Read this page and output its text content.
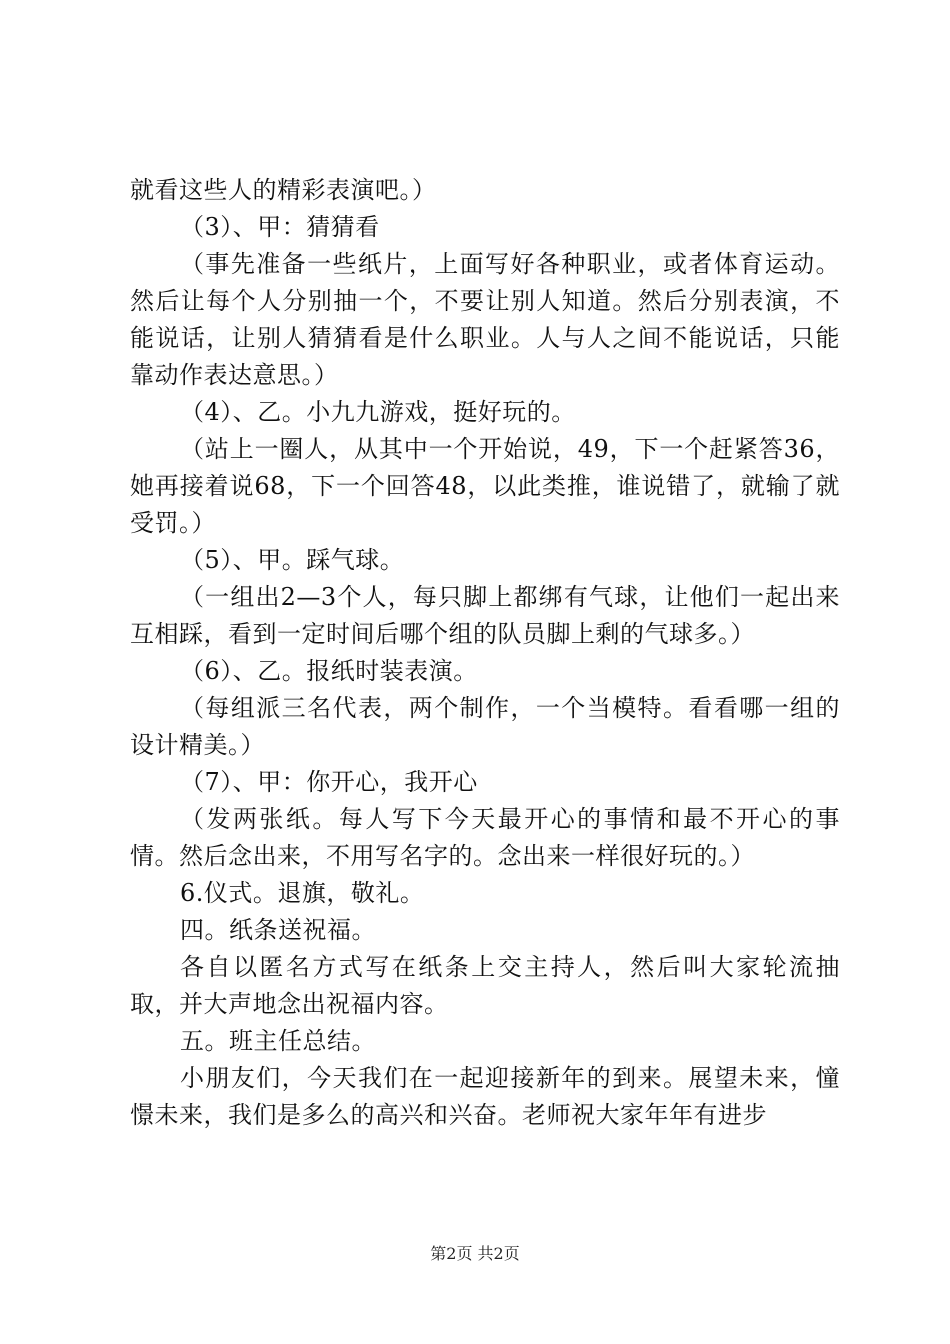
就看这些人的精彩表演吧。）

（3）、甲：猜猜看

（事先准备一些纸片，上面写好各种职业，或者体育运动。然后让每个人分别抽一个，不要让别人知道。然后分别表演，不能说话，让别人猜猜看是什么职业。人与人之间不能说话，只能靠动作表达意思。）

（4）、乙。小九九游戏，挺好玩的。

（站上一圈人，从其中一个开始说，49，下一个赶紧答36，她再接着说68，下一个回答48，以此类推，谁说错了，就输了就受罚。）

（5）、甲。踩气球。

（一组出2—3个人，每只脚上都绑有气球，让他们一起出来互相踩，看到一定时间后哪个组的队员脚上剩的气球多。）

（6）、乙。报纸时装表演。

（每组派三名代表，两个制作，一个当模特。看看哪一组的设计精美。）

（7）、甲：你开心，我开心

（发两张纸。每人写下今天最开心的事情和最不开心的事情。然后念出来，不用写名字的。念出来一样很好玩的。）

6.仪式。退旗，敬礼。

四。纸条送祝福。

各自以匿名方式写在纸条上交主持人，然后叫大家轮流抽取，并大声地念出祝福内容。

五。班主任总结。

小朋友们，今天我们在一起迎接新年的到来。展望未来，憧憬未来，我们是多么的高兴和兴奋。老师祝大家年年有进步

第2页 共2页
